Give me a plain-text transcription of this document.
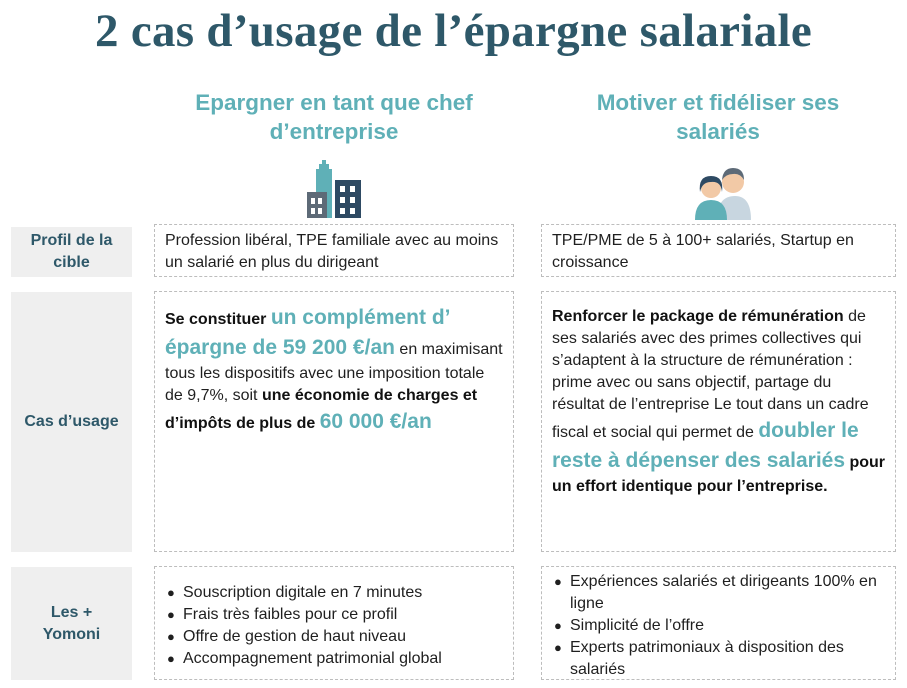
2 cas d’usage de l’épargne salariale
Epargner en tant que chef
d’entreprise
Motiver et fidéliser ses
salariés
Profil de la
cible
Profession libéral, TPE familiale avec au moins un salarié en plus du dirigeant
TPE/PME de 5 à 100+ salariés, Startup en croissance
Cas d’usage
Se constituer un complément d’ épargne de 59 200 €/an en maximisant tous les dispositifs avec une imposition totale de 9,7%, soit une économie de charges et d’impôts de plus de 60 000 €/an
Renforcer le package de rémunération de ses salariés avec des primes collectives qui s’adaptent à la structure de rémunération : prime avec ou sans objectif, partage du résultat de l’entreprise Le tout dans un cadre fiscal et social qui permet de doubler le reste à dépenser des salariés pour un effort identique pour l’entreprise.
Les +
Yomoni
● Souscription digitale en 7 minutes
● Frais très faibles pour ce profil
● Offre de gestion de haut niveau
● Accompagnement patrimonial global
● Expériences salariés et dirigeants 100% en ligne
● Simplicité de l’offre
● Experts patrimoniaux à disposition des salariés
